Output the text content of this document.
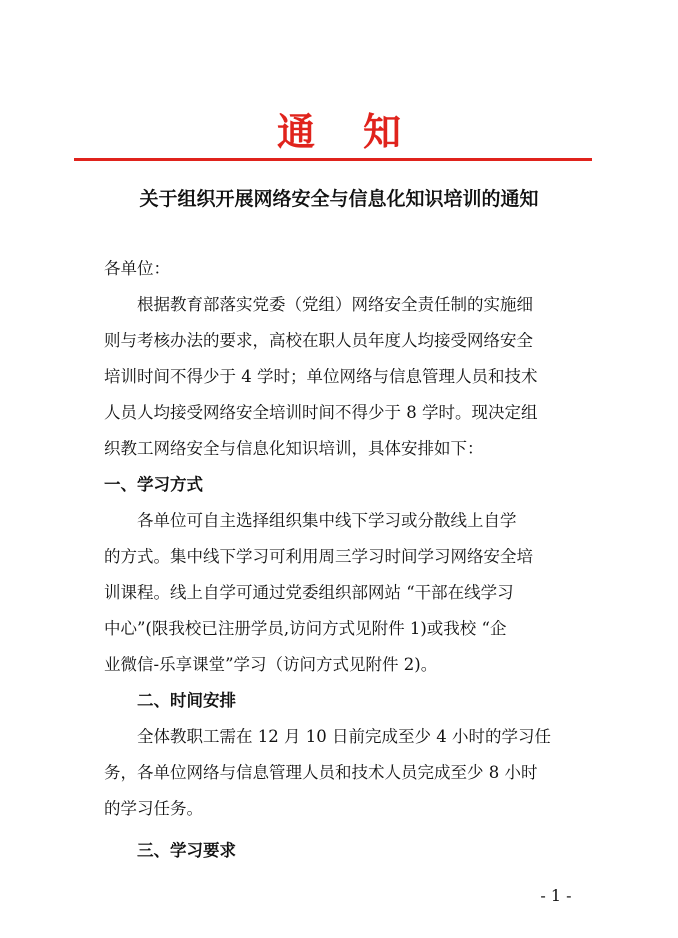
通知
关于组织开展网络安全与信息化知识培训的通知
各单位：
根据教育部落实党委（党组）网络安全责任制的实施细
则与考核办法的要求，高校在职人员年度人均接受网络安全
培训时间不得少于 4 学时；单位网络与信息管理人员和技术
人员人均接受网络安全培训时间不得少于 8 学时。现决定组
织教工网络安全与信息化知识培训，具体安排如下：
一、学习方式
各单位可自主选择组织集中线下学习或分散线上自学
的方式。集中线下学习可利用周三学习时间学习网络安全培
训课程。线上自学可通过党委组织部网站 “干部在线学习
中心”(限我校已注册学员,访问方式见附件 1)或我校 “企
业微信-乐享课堂”学习（访问方式见附件 2)。
二、时间安排
全体教职工需在 12 月 10 日前完成至少 4 小时的学习任
务，各单位网络与信息管理人员和技术人员完成至少 8 小时
的学习任务。
三、学习要求
- 1 -
